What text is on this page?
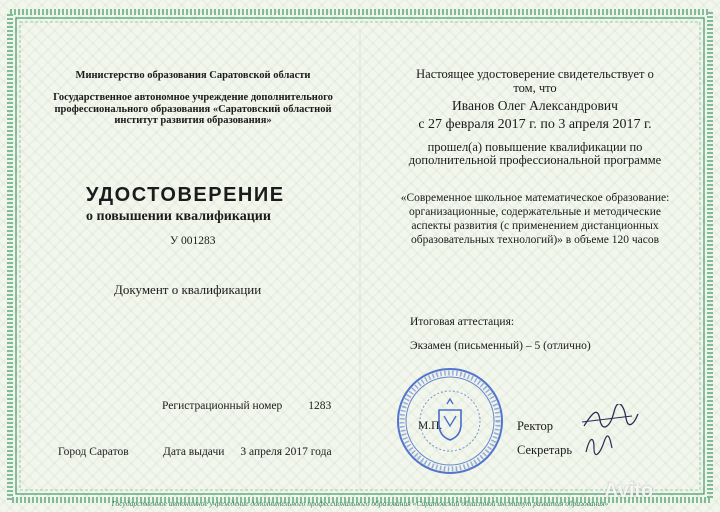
Министерство образования Саратовской области
Государственное автономное учреждение дополнительного профессионального образования «Саратовский областной институт развития образования»
УДОСТОВЕРЕНИЕ
о повышении квалификации
У 001283
Документ о квалификации
Регистрационный номер 1283
Город Саратов	Дата выдачи 3 апреля 2017 года
Настоящее удостоверение свидетельствует о том, что
Иванов Олег Александрович
с 27 февраля 2017 г. по 3 апреля 2017 г.
прошел(а) повышение квалификации по дополнительной профессиональной программе
«Современное школьное математическое образование: организационные, содержательные и методические аспекты развития (с применением дистанционных образовательных технологий)» в объеме 120 часов
Итоговая аттестация:
Экзамен (письменный) – 5 (отлично)
М.П.	Ректор
Секретарь
Государственное автономное учреждение дополнительного профессионального образования «Саратовский областной институт развития образования»
Avito
